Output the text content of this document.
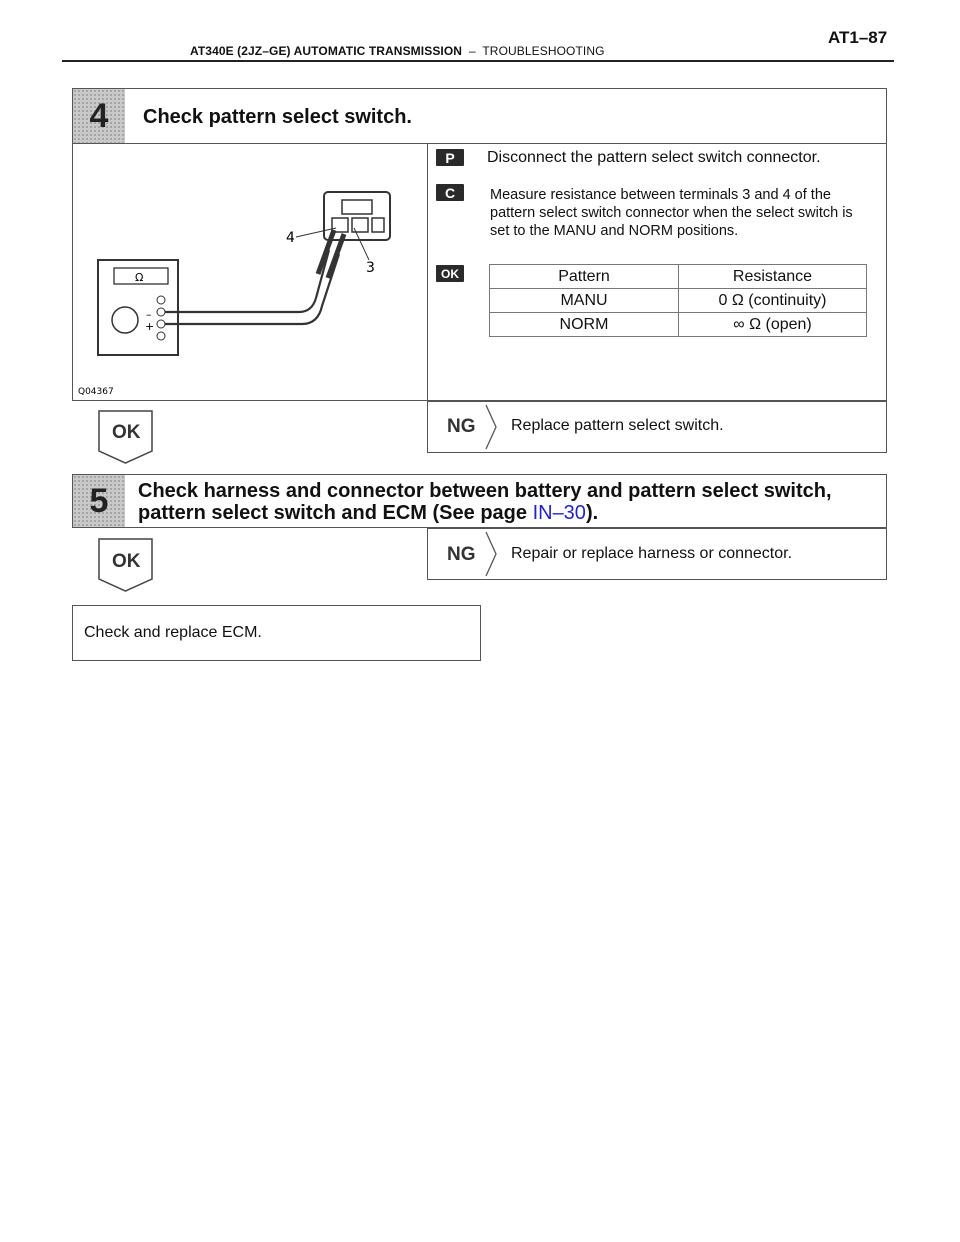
AT340E (2JZ–GE) AUTOMATIC TRANSMISSION – TROUBLESHOOTING
AT1–87
4	Check pattern select switch.
Ω
–
+
4
3
Q04367
P	Disconnect the pattern select switch connector.
C	Measure resistance between terminals 3 and 4 of the pattern select switch connector when the select switch is set to the MANU and NORM positions.
OK	Pattern	Resistance
MANU	0 Ω (continuity)
NORM	∞ Ω (open)
OK	NG Replace pattern select switch.
5	Check harness and connector between battery and pattern select switch,
pattern select switch and ECM (See page IN–30).
OK	NG Repair or replace harness or connector.
Check and replace ECM.
